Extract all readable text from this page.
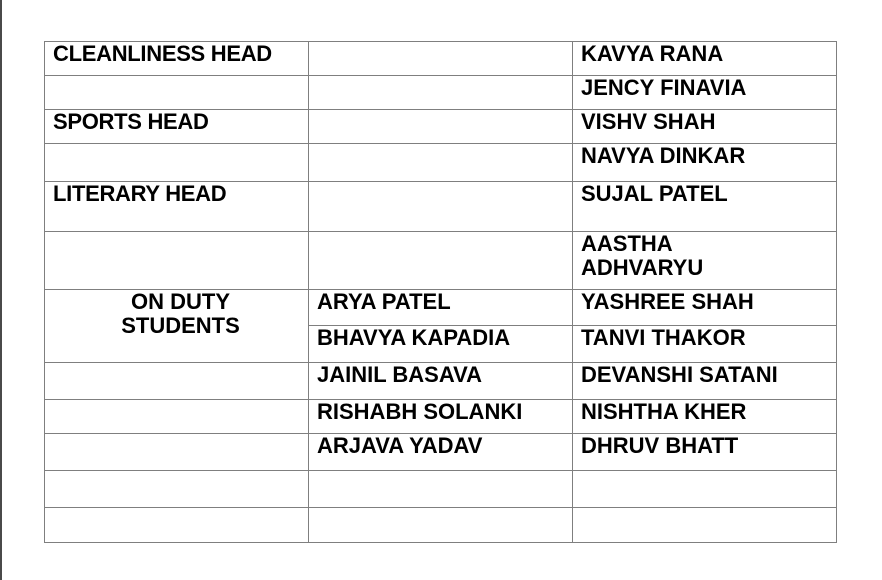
CLEANLINESS HEAD		KAVYA RANA
		JENCY FINAVIA
SPORTS HEAD		VISHV SHAH
		NAVYA DINKAR
LITERARY HEAD		SUJAL PATEL

		AASTHA
ADHVARYU

ON DUTY
STUDENTS	ARYA PATEL	YASHREE SHAH
	BHAVYA KAPADIA	TANVI THAKOR
	JAINIL BASAVA	DEVANSHI SATANI
	RISHABH SOLANKI	NISHTHA KHER
	ARJAVA YADAV	DHRUV BHATT
